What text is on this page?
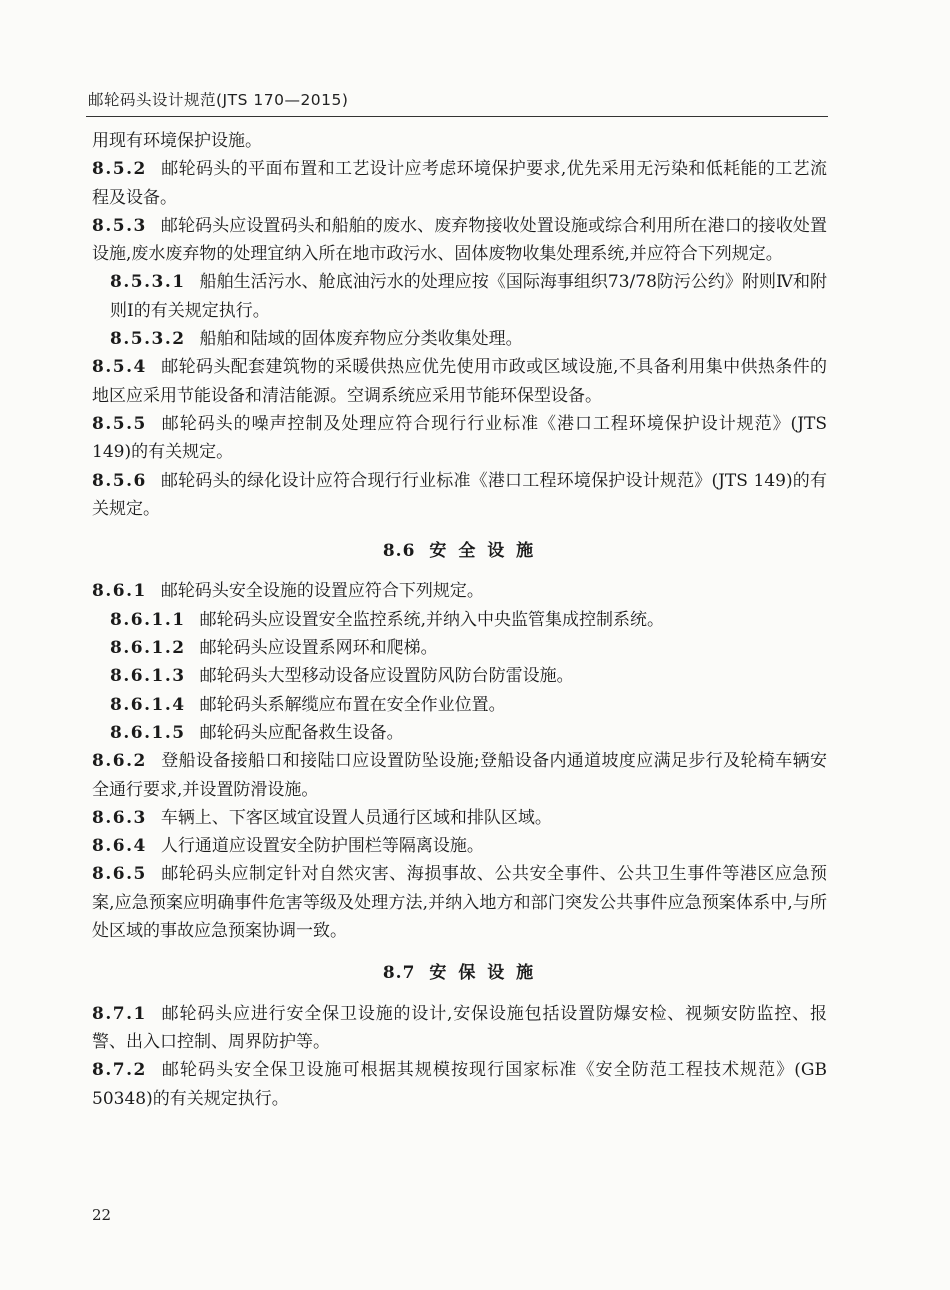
邮轮码头设计规范(JTS 170—2015)

用现有环境保护设施。

8.5.2 邮轮码头的平面布置和工艺设计应考虑环境保护要求,优先采用无污染和低耗能的工艺流程及设备。

8.5.3 邮轮码头应设置码头和船舶的废水、废弃物接收处置设施或综合利用所在港口的接收处置设施,废水废弃物的处理宜纳入所在地市政污水、固体废物收集处理系统,并应符合下列规定。

8.5.3.1 船舶生活污水、舱底油污水的处理应按《国际海事组织73/78防污公约》附则Ⅳ和附则Ⅰ的有关规定执行。

8.5.3.2 船舶和陆域的固体废弃物应分类收集处理。

8.5.4 邮轮码头配套建筑物的采暖供热应优先使用市政或区域设施,不具备利用集中供热条件的地区应采用节能设备和清洁能源。空调系统应采用节能环保型设备。

8.5.5 邮轮码头的噪声控制及处理应符合现行行业标准《港口工程环境保护设计规范》(JTS 149)的有关规定。

8.5.6 邮轮码头的绿化设计应符合现行行业标准《港口工程环境保护设计规范》(JTS 149)的有关规定。

8.6 安 全 设 施

8.6.1 邮轮码头安全设施的设置应符合下列规定。

8.6.1.1 邮轮码头应设置安全监控系统,并纳入中央监管集成控制系统。

8.6.1.2 邮轮码头应设置系网环和爬梯。

8.6.1.3 邮轮码头大型移动设备应设置防风防台防雷设施。

8.6.1.4 邮轮码头系解缆应布置在安全作业位置。

8.6.1.5 邮轮码头应配备救生设备。

8.6.2 登船设备接船口和接陆口应设置防坠设施;登船设备内通道坡度应满足步行及轮椅车辆安全通行要求,并设置防滑设施。

8.6.3 车辆上、下客区域宜设置人员通行区域和排队区域。

8.6.4 人行通道应设置安全防护围栏等隔离设施。

8.6.5 邮轮码头应制定针对自然灾害、海损事故、公共安全事件、公共卫生事件等港区应急预案,应急预案应明确事件危害等级及处理方法,并纳入地方和部门突发公共事件应急预案体系中,与所处区域的事故应急预案协调一致。

8.7 安 保 设 施

8.7.1 邮轮码头应进行安全保卫设施的设计,安保设施包括设置防爆安检、视频安防监控、报警、出入口控制、周界防护等。

8.7.2 邮轮码头安全保卫设施可根据其规模按现行国家标准《安全防范工程技术规范》(GB 50348)的有关规定执行。

22
